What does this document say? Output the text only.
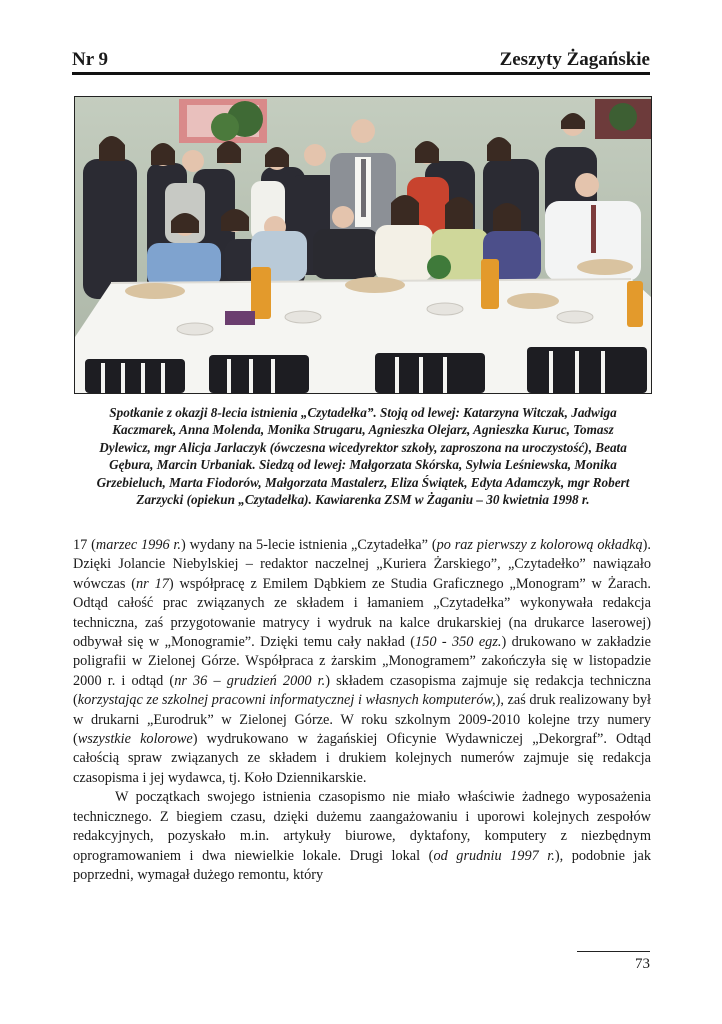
Nr 9	Zeszyty Żagańskie
Spotkanie z okazji 8-lecia istnienia „Czytadełka”. Stoją od lewej: Katarzyna Witczak, Jadwiga Kaczmarek, Anna Molenda, Monika Strugaru, Agnieszka Olejarz, Agnieszka Kuruc, Tomasz Dylewicz, mgr Alicja Jarlaczyk (ówczesna wicedyrektor szkoły, zaproszona na uroczystość), Beata Gębura, Marcin Urbaniak. Siedzą od lewej: Małgorzata Skórska, Sylwia Leśniewska, Monika Grzebieluch, Marta Fiodorów, Małgorzata Mastalerz, Eliza Świątek, Edyta Adamczyk, mgr Robert Zarzycki (opiekun „Czytadełka). Kawiarenka ZSM w Żaganiu – 30 kwietnia 1998 r.

17 (marzec 1996 r.) wydany na 5-lecie istnienia „Czytadełka” (po raz pierwszy z kolorową okładką). Dzięki Jolancie Niebylskiej – redaktor naczelnej „Kuriera Żarskiego”, „Czytadełko” nawiązało wówczas (nr 17) współpracę z Emilem Dąbkiem ze Studia Graficznego „Monogram” w Żarach. Odtąd całość prac związanych ze składem i łamaniem „Czytadełka” wykonywała redakcja techniczna, zaś przygotowanie matrycy i wydruk na kalce drukarskiej (na drukarce laserowej) odbywał się w „Monogramie”. Dzięki temu cały nakład (150 - 350 egz.) drukowano w zakładzie poligrafii w Zielonej Górze. Współpraca z żarskim „Monogramem” zakończyła się w listopadzie 2000 r. i odtąd (nr 36 – grudzień 2000 r.) składem czasopisma zajmuje się redakcja techniczna (korzystając ze szkolnej pracowni informatycznej i własnych komputerów,), zaś druk realizowany był w drukarni „Eurodruk” w Zielonej Górze. W roku szkolnym 2009-2010 kolejne trzy numery (wszystkie kolorowe) wydrukowano w żagańskiej Oficynie Wydawniczej „Dekorgraf”. Odtąd całością spraw związanych ze składem i drukiem kolejnych numerów zajmuje się redakcja czasopisma i jej wydawca, tj. Koło Dziennikarskie.

W początkach swojego istnienia czasopismo nie miało właściwie żadnego wyposażenia technicznego. Z biegiem czasu, dzięki dużemu zaangażowaniu i uporowi kolejnych zespołów redakcyjnych, pozyskało m.in. artykuły biurowe, dyktafony, komputery z niezbędnym oprogramowaniem i dwa niewielkie lokale. Drugi lokal (od grudniu 1997 r.), podobnie jak poprzedni, wymagał dużego remontu, który

73
